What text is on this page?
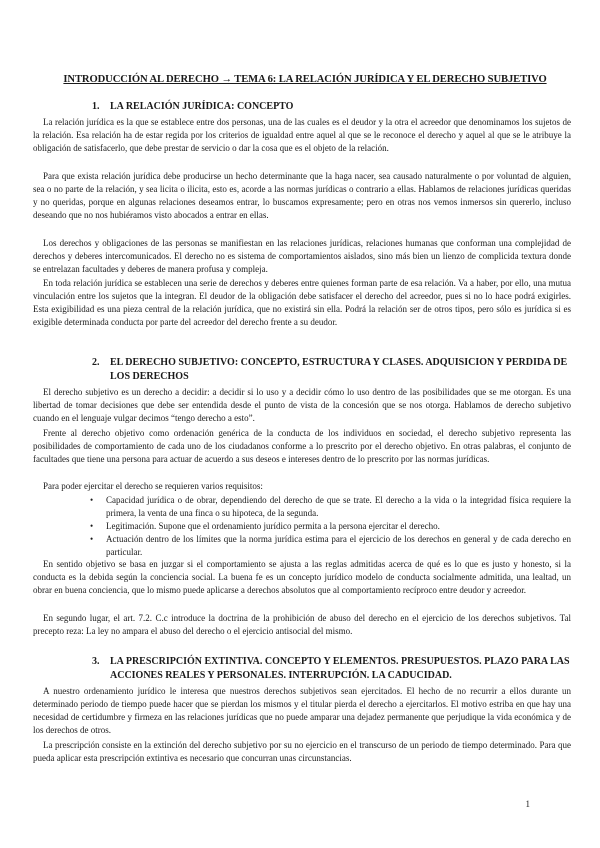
INTRODUCCIÓN AL DERECHO → TEMA 6: LA RELACIÓN JURÍDICA Y EL DERECHO SUBJETIVO
1. LA RELACIÓN JURÍDICA: CONCEPTO

La relación jurídica es la que se establece entre dos personas, una de las cuales es el deudor y la otra el acreedor que denominamos los sujetos de la relación. Esa relación ha de estar regida por los criterios de igualdad entre aquel al que se le reconoce el derecho y aquel al que se le atribuye la obligación de satisfacerlo, que debe prestar de servicio o dar la cosa que es el objeto de la relación.

Para que exista relación jurídica debe producirse un hecho determinante que la haga nacer, sea causado naturalmente o por voluntad de alguien, sea o no parte de la relación, y sea licita o ilicita, esto es, acorde a las normas jurídicas o contrario a ellas. Hablamos de relaciones jurídicas queridas y no queridas, porque en algunas relaciones deseamos entrar, lo buscamos expresamente; pero en otras nos vemos inmersos sin quererlo, incluso deseando que no nos hubiéramos visto abocados a entrar en ellas.

Los derechos y obligaciones de las personas se manifiestan en las relaciones jurídicas, relaciones humanas que conforman una complejidad de derechos y deberes intercomunicados. El derecho no es sistema de comportamientos aislados, sino más bien un lienzo de complicida textura donde se entrelazan facultades y deberes de manera profusa y compleja.

En toda relación jurídica se establecen una serie de derechos y deberes entre quienes forman parte de esa relación. Va a haber, por ello, una mutua vinculación entre los sujetos que la integran. El deudor de la obligación debe satisfacer el derecho del acreedor, pues si no lo hace podrá exigirles. Esta exigibilidad es una pieza central de la relación jurídica, que no existirá sin ella. Podrá la relación ser de otros tipos, pero sólo es jurídica si es exigible determinada conducta por parte del acreedor del derecho frente a su deudor.

2. EL DERECHO SUBJETIVO: CONCEPTO, ESTRUCTURA Y CLASES. ADQUISICION Y PERDIDA DE
LOS DERECHOS

El derecho subjetivo es un derecho a decidir: a decidir si lo uso y a decidir cómo lo uso dentro de las posibilidades que se me otorgan. Es una libertad de tomar decisiones que debe ser entendida desde el punto de vista de la concesión que se nos otorga. Hablamos de derecho subjetivo cuando en el lenguaje vulgar decimos “tengo derecho a esto”.

Frente al derecho objetivo como ordenación genérica de la conducta de los individuos en sociedad, el derecho subjetivo representa las posibilidades de comportamiento de cada uno de los ciudadanos conforme a lo prescrito por el derecho objetivo. En otras palabras, el conjunto de facultades que tiene una persona para actuar de acuerdo a sus deseos e intereses dentro de lo prescrito por las normas jurídicas.

Para poder ejercitar el derecho se requieren varios requisitos:

• Capacidad jurídica o de obrar, dependiendo del derecho de que se trate. El derecho a la vida o la integridad física requiere la primera, la venta de una finca o su hipoteca, de la segunda.
• Legitimación. Supone que el ordenamiento jurídico permita a la persona ejercitar el derecho.
• Actuación dentro de los límites que la norma jurídica estima para el ejercicio de los derechos en general y de cada derecho en particular.

En sentido objetivo se basa en juzgar si el comportamiento se ajusta a las reglas admitidas acerca de qué es lo que es justo y honesto, si la conducta es la debida según la conciencia social. La buena fe es un concepto jurídico modelo de conducta socialmente admitida, una lealtad, un obrar en buena conciencia, que lo mismo puede aplicarse a derechos absolutos que al comportamiento recíproco entre deudor y acreedor.

En segundo lugar, el art. 7.2. C.c introduce la doctrina de la prohibición de abuso del derecho en el ejercicio de los derechos subjetivos. Tal precepto reza: La ley no ampara el abuso del derecho o el ejercicio antisocial del mismo.

3. LA PRESCRIPCIÓN EXTINTIVA. CONCEPTO Y ELEMENTOS. PRESUPUESTOS. PLAZO PARA LAS
ACCIONES REALES Y PERSONALES. INTERRUPCIÓN. LA CADUCIDAD.

A nuestro ordenamiento jurídico le interesa que nuestros derechos subjetivos sean ejercitados. El hecho de no recurrir a ellos durante un determinado periodo de tiempo puede hacer que se pierdan los mismos y el titular pierda el derecho a ejercitarlos. El motivo estriba en que hay una necesidad de certidumbre y firmeza en las relaciones jurídicas que no puede amparar una dejadez permanente que perjudique la vida económica y de los derechos de otros.

La prescripción consiste en la extinción del derecho subjetivo por su no ejercicio en el transcurso de un periodo de tiempo determinado. Para que pueda aplicar esta prescripción extintiva es necesario que concurran unas circunstancias.

1
